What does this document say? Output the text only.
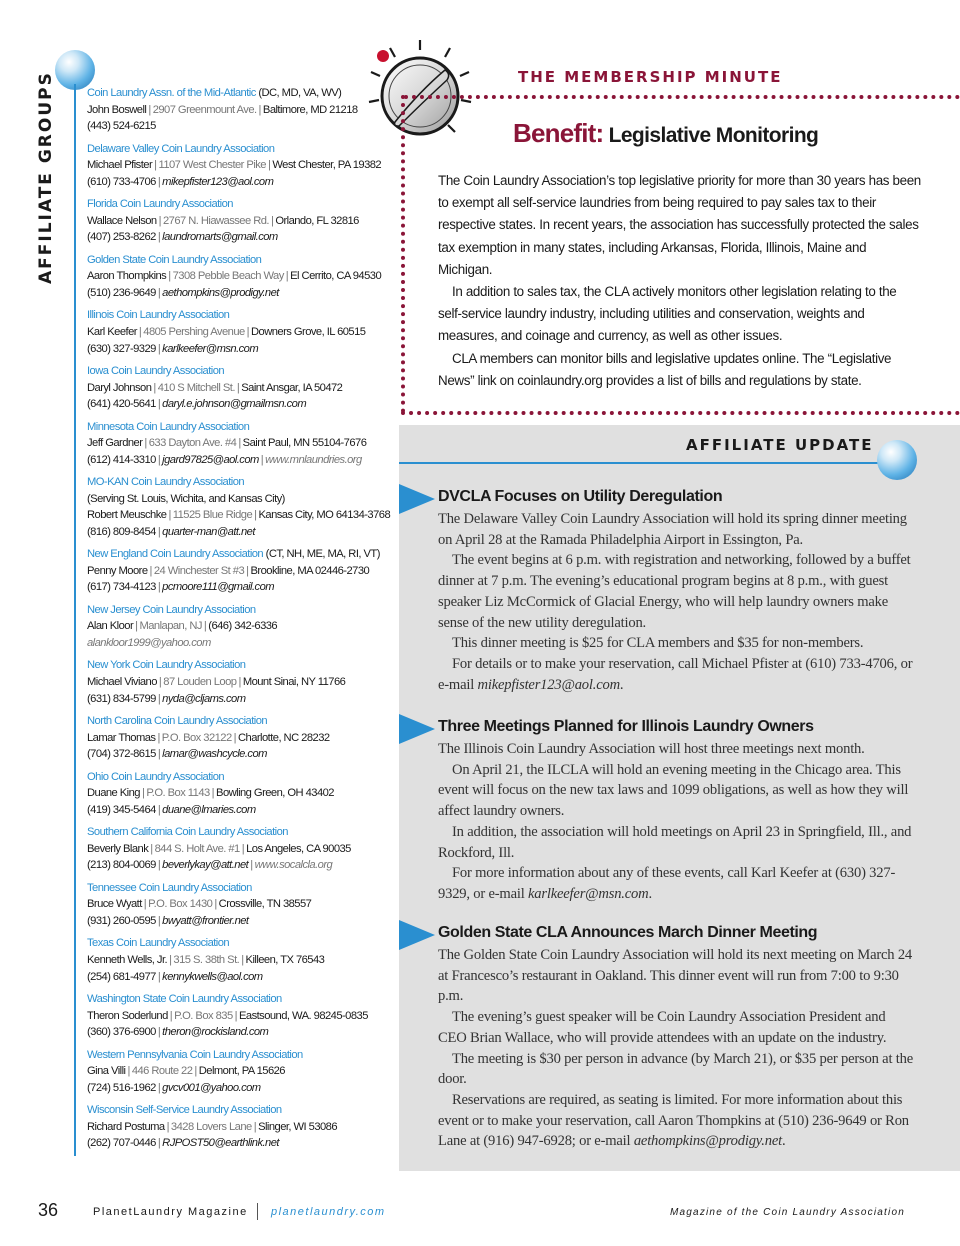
AFFILIATE GROUPS	Coin Laundry Assn. of the Mid-Atlantic (DC, MD, VA, WV)
John Boswell | 2907 Greenmount Ave. | Baltimore, MD 21218
(443) 524-6215
Delaware Valley Coin Laundry Association
Michael Pfister | 1107 West Chester Pike | West Chester, PA 19382
(610) 733-4706 | mikepfister123@aol.com
Florida Coin Laundry Association
Wallace Nelson | 2767 N. Hiawassee Rd. | Orlando, FL 32816
(407) 253-8262 | laundromarts@gmail.com
Golden State Coin Laundry Association
Aaron Thompkins | 7308 Pebble Beach Way | El Cerrito, CA 94530
(510) 236-9649 | aethompkins@prodigy.net
Illinois Coin Laundry Association
Karl Keefer | 4805 Pershing Avenue | Downers Grove, IL 60515
(630) 327-9329 | karlkeefer@msn.com
Iowa Coin Laundry Association
Daryl Johnson | 410 S Mitchell St. | Saint Ansgar, IA 50472
(641) 420-5641 | daryl.e.johnson@gmailmsn.com
Minnesota Coin Laundry Association
Jeff Gardner | 633 Dayton Ave. #4 | Saint Paul, MN 55104-7676
(612) 414-3310 | jgard97825@aol.com | www.mnlaundries.org
MO-KAN Coin Laundry Association
(Serving St. Louis, Wichita, and Kansas City)
Robert Meuschke | 11525 Blue Ridge | Kansas City, MO 64134-3768
(816) 809-8454 | quarter-man@att.net
New England Coin Laundry Association (CT, NH, ME, MA, RI, VT)
Penny Moore | 24 Winchester St #3 | Brookline, MA 02446-2730
(617) 734-4123 | pcmoore111@gmail.com
New Jersey Coin Laundry Association
Alan Kloor | Manlapan, NJ | (646) 342-6336
alankloor1999@yahoo.com
New York Coin Laundry Association
Michael Viviano | 87 Louden Loop | Mount Sinai, NY 11766
(631) 834-5799 | nyda@cljams.com
North Carolina Coin Laundry Association
Lamar Thomas | P.O. Box 32122 | Charlotte, NC 28232
(704) 372-8615 | lamar@washcycle.com
Ohio Coin Laundry Association
Duane King | P.O. Box 1143 | Bowling Green, OH 43402
(419) 345-5464 | duane@lmaries.com
Southern California Coin Laundry Association
Beverly Blank | 844 S. Holt Ave. #1 | Los Angeles, CA 90035
(213) 804-0069 | beverlykay@att.net | www.socalcla.org
Tennessee Coin Laundry Association
Bruce Wyatt | P.O. Box 1430 | Crossville, TN 38557
(931) 260-0595 | bwyatt@frontier.net
Texas Coin Laundry Association
Kenneth Wells, Jr. | 315 S. 38th St. | Killeen, TX 76543
(254) 681-4977 | kennykwells@aol.com
Washington State Coin Laundry Association
Theron Soderlund | P.O. Box 835 | Eastsound, WA. 98245-0835
(360) 376-6900 | theron@rockisland.com
Western Pennsylvania Coin Laundry Association
Gina Villi | 446 Route 22 | Delmont, PA 15626
(724) 516-1962 | gvcv001@yahoo.com
Wisconsin Self-Service Laundry Association
Richard Postuma | 3428 Lovers Lane | Slinger, WI 53086
(262) 707-0446 | RJPOST50@earthlink.net
THE MEMBERSHIP MINUTE
Benefit: Legislative Monitoring

The Coin Laundry Association’s top legislative priority for more than 30 years has been to exempt all self-service laundries from being required to pay sales tax to their respective states. In recent years, the association has successfully protected the sales tax exemption in many states, including Arkansas, Florida, Illinois, Maine and Michigan.

In addition to sales tax, the CLA actively monitors other legislation relating to the self-service laundry industry, including utilities and conservation, weights and measures, and coinage and currency, as well as other issues.

CLA members can monitor bills and legislative updates online. The “Legislative News” link on coinlaundry.org provides a list of bills and regulations by state.

AFFILIATE UPDATE
DVCLA Focuses on Utility Deregulation

The Delaware Valley Coin Laundry Association will hold its spring dinner meeting on April 28 at the Ramada Philadelphia Airport in Essington, Pa.

The event begins at 6 p.m. with registration and networking, followed by a buffet dinner at 7 p.m. The evening’s educational program begins at 8 p.m., with guest speaker Liz McCormick of Glacial Energy, who will help laundry owners make sense of the new utility deregulation.

This dinner meeting is $25 for CLA members and $35 for non-members.

For details or to make your reservation, call Michael Pfister at (610) 733-4706, or e-mail mikepfister123@aol.com.

Three Meetings Planned for Illinois Laundry Owners

The Illinois Coin Laundry Association will host three meetings next month.

On April 21, the ILCLA will hold an evening meeting in the Chicago area. This event will focus on the new tax laws and 1099 obligations, as well as how they will affect laundry owners.

In addition, the association will hold meetings on April 23 in Springfield, Ill., and Rockford, Ill.

For more information about any of these events, call Karl Keefer at (630) 327-9329, or e-mail karlkeefer@msn.com.

Golden State CLA Announces March Dinner Meeting

The Golden State Coin Laundry Association will hold its next meeting on March 24 at Francesco’s restaurant in Oakland. This dinner event will run from 7:00 to 9:30 p.m.

The evening’s guest speaker will be Coin Laundry Association President and CEO Brian Wallace, who will provide attendees with an update on the industry.

The meeting is $30 per person in advance (by March 21), or $35 per person at the door.

Reservations are required, as seating is limited. For more information about this event or to make your reservation, call Aaron Thompkins at (510) 236-9649 or Ron Lane at (916) 947-6928; or e-mail aethompkins@prodigy.net.

36	PlanetLaundry Magazine planetlaundry.com	Magazine of the Coin Laundry Association
